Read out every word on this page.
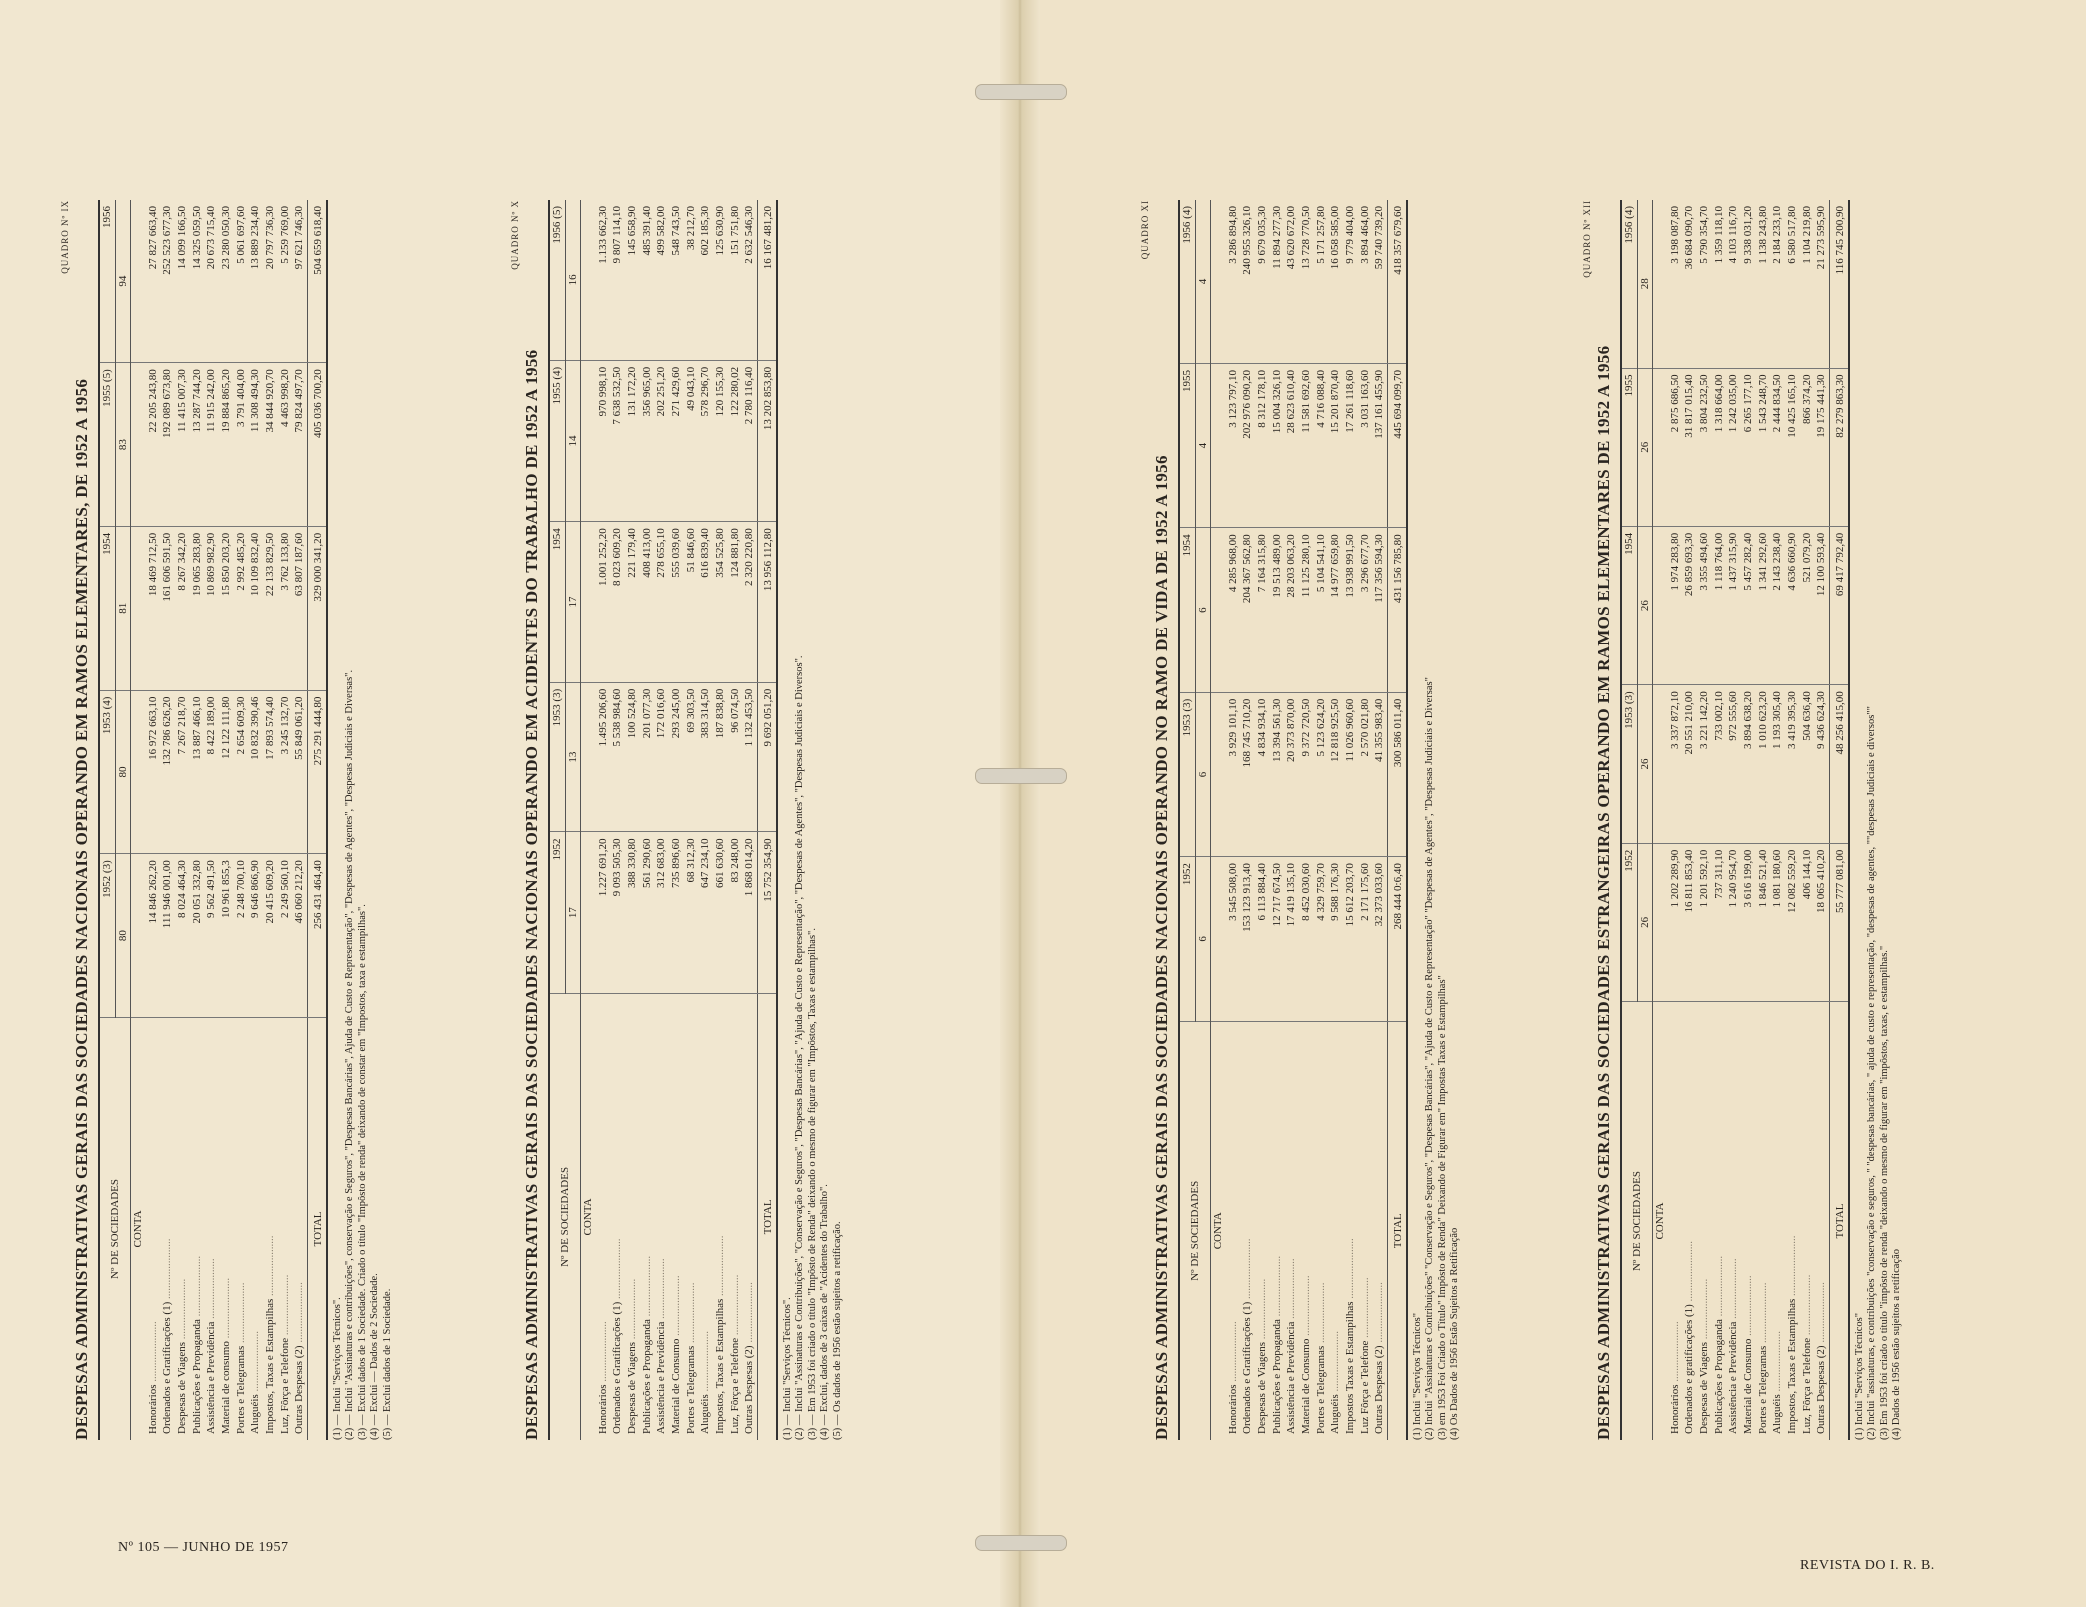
QUADRO Nº IX
DESPESAS ADMINISTRATIVAS GERAIS DAS SOCIEDADES NACIONAIS OPERANDO EM RAMOS ELEMENTARES, DE 1952 A 1956 Nº DE SOCIEDADES	1952 (3)	1953 (4)	1954	1955 (5)	1956
	80	80	81	83	94
CONTA					
Honorários .....	14 846 262,20	16 972 663,10	18 469 712,50	22 205 243,80	27 827 663,40
Ordenados e Gratificações (1) .....	111 946 001,00	132 786 626,20	161 606 591,50	192 089 673,80	252 523 677,30
Despesas de Viagens .....	8 024 464,30	7 267 218,70	8 267 342,20	11 415 007,30	14 099 166,50
Publicações e Propaganda .....	20 051 332,80	13 887 466,10	19 065 283,80	13 287 744,20	14 325 059,50
Assistência e Previdência .....	9 562 491,50	8 422 189,00	10 869 982,90	11 915 242,00	20 673 715,40
Material de consumo .....	10 961 855,3	12 122 111,80	15 850 203,20	19 884 865,20	23 280 050,30
Portes e Telegramas .....	2 248 700,10	2 654 609,30	2 992 485,20	3 791 404,00	5 061 697,60
Aluguéis .....	9 646 866,90	10 832 390,46	10 109 832,40	11 308 494,30	13 889 234,40
Impostos, Taxas e Estampilhas .....	20 415 609,20	17 893 574,40	22 133 829,50	34 844 920,70	20 797 736,30
Luz, Fôrça e Telefone .....	2 249 560,10	3 245 132,70	3 762 133,80	4 463 998,20	5 259 769,00
Outras Despesas (2) .....	46 060 212,20	55 849 061,20	63 807 187,60	79 824 497,70	97 621 746,30
TOTAL	256 431 464,40	275 291 444,80	329 000 341,20	405 036 700,20	504 659 618,40
(1) — Inclui "Serviços Técnicos". (2) — Inclui "Assinaturas e contribuições", conservação e Seguros", "Despesas Bancárias", Ajuda de Custo e Representação", "Despesas de Agentes", "Despesas Judiciais e Diversas". (3) — Exclui dados de 1 Sociedade. Criado o título "Impôsto de renda" deixando de constar em "Impostos, taxa e estampilhas". (4) — Exclui — Dados de 2 Sociedade. (5) — Exclui dados de 1 Sociedade.
QUADRO Nº X
DESPESAS ADMINISTRATIVAS GERAIS DAS SOCIEDADES NACIONAIS OPERANDO EM ACIDENTES DO TRABALHO DE 1952 A 1956 Nº DE SOCIEDADES	1952	1953 (3)	1954	1955 (4)	1956 (5)
	17	13	17	14	16
CONTA					
Honorários .....	1.227 691,20	1.495 206,60	1.001 252,20	970 998,10	1.133 662,30
Ordenados e Gratificações (1) .....	9 093 505,30	5 538 984,60	8 023 609,20	7 638 532,50	9 807 114,10
Despesas de Viagens .....	388 330,80	100 524,80	221 179,40	131 172,20	145 658,90
Publicações e Propaganda .....	561 290,60	201 077,30	408 413,00	356 965,00	485 391,40
Assistência e Previdência .....	312 683,00	172 016,60	278 655,10	202 251,20	499 582,00
Material de Consumo .....	735 896,60	293 245,00	555 039,60	271 429,60	548 743,50
Portes e Telegramas .....	68 312,30	69 303,50	51 846,60	49 043,10	38 212,70
Aluguéis .....	647 234,10	383 314,50	616 839,40	578 296,70	602 185,30
Impostos, Taxas e Estampilhas .....	661 630,60	187 838,80	354 525,80	120 155,30	125 630,90
Luz, Fôrça e Telefone .....	83 248,00	96 074,50	124 881,80	122 280,02	151 751,80
Outras Despesas (2) .....	1 868 014,20	1 132 453,50	2 320 220,80	2 780 116,40	2 632 546,30
TOTAL	15 752 354,90	9 692 051,20	13 956 112,80	13 202 853,80	16 167 481,20
(1) — Inclui "Serviços Técnicos". (2) — Inclui "Assinaturas e Contribuições", "Conservação e Seguros", "Despesas Bancárias", "Ajuda de Custo e Representação", "Despesas de Agentes", "Despesas Judiciais e Diversos". (3) — Em 1953 foi criado o título "Impôsto de Renda" deixando o mesmo de figurar em "Impôstos, Taxas e estampilhas". (4) — Exclui, dados de 3 caixas de "Acidentes do Trabalho". (5) — Os dados de 1956 estão sujeitos a retificação.
QUADRO XI
DESPESAS ADMINISTRATIVAS GERAIS DAS SOCIEDADES NACIONAIS OPERANDO NO RAMO DE VIDA DE 1952 A 1956 Nº DE SOCIEDADES	1952	1953 (3)	1954	1955	1956 (4)
	6	6	6	4	4
CONTA					
Honorários .....	3 545 508,00	3 929 101,10	4 285 968,00	3 123 797,10	3 286 894,80
Ordenados e Gratificações (1) .....	153 123 913,40	168 745 710,20	204 367 562,80	202 976 090,20	240 955 326,10
Despesas de Viagens .....	6 113 884,40	4 834 934,10	7 164 315,80	8 312 178,10	9 679 035,30
Publicações e Propaganda .....	12 717 674,50	13 394 561,30	19 513 489,00	15 004 326,10	11 894 277,30
Assistência e Previdência .....	17 419 135,10	20 373 870,00	28 203 063,20	28 623 610,40	43 620 672,00
Material de Consumo .....	8 452 030,60	9 372 720,50	11 125 280,10	11 581 692,60	13 728 770,50
Portes e Telegramas .....	4 329 759,70	5 123 624,20	5 104 541,10	4 716 088,40	5 171 257,80
Aluguéis .....	9 588 176,30	12 818 925,50	14 977 659,80	15 201 870,40	16 058 585,00
Impostos Taxas e Estampilhas .....	15 612 203,70	11 026 960,60	13 938 991,50	17 261 118,60	9 779 404,00
Luz Fôrça e Telefone .....	2 171 175,60	2 570 021,80	3 296 677,70	3 031 163,60	3 894 464,00
Outras Despesas (2) .....	32 373 033,60	41 355 983,40	117 356 594,30	137 161 455,90	59 740 739,20
TOTAL	268 444 0:6,40	300 586 011,40	431 156 785,80	445 694 099,70	418 357 679,60
(1) Inclui "Serviços Técnicos" (2) Inclui "Assinaturas e Contribuições" "Conservação e Seguros", "Despesas Bancárias", "Ajuda de Custo e Representação" "Despesas de Agentes", "Despesas Judiciais e Diversas" (3) em 1953 Foi Criado o Título" Impôsto de Renda" Deixando de Figurar em" Impostas Taxas e Estampilhas" (4) Os Dados de 1956 Estão Sujeitos a Retificação
QUADRO Nº XII
DESPESAS ADMINISTRATIVAS GERAIS DAS SOCIEDADES ESTRANGEIRAS OPERANDO EM RAMOS ELEMENTARES DE 1952 A 1956 Nº DE SOCIEDADES	1952	1953 (3)	1954	1955	1956 (4)
	26	26	26	26	28
CONTA					
Honorários .....	1 202 289,90	3 337 872,10	1 974 283,80	2 875 686,50	3 198 087,80
Ordenados e gratificações (1) .....	16 811 853,40	20 551 210,00	26 859 693,30	31 817 015,40	36 684 090,70
Despesas de Viagens .....	1 201 592,10	3 221 142,20	3 355 494,60	3 804 232,50	5 790 354,70
Publicações e Propaganda .....	737 311,10	733 002,10	1 118 764,00	1 318 664,00	1 359 118,10
Assistência e Previdência .....	1 240 954,70	972 555,60	1 437 315,90	1 242 035,00	4 103 116,70
Material de Consumo .....	3 616 199,00	3 894 638,20	5 457 282,40	6 265 177,10	9 338 031,20
Portes e Telegramas .....	1 846 521,40	1 010 623,20	1 341 292,60	1 543 248,70	1 138 243,80
Aluguéis .....	1 081 180,60	1 193 305,40	2 143 238,40	2 444 834,50	2 184 233,10
Impostos, Taxas e Estampilhas .....	12 082 559,20	3 419 395,30	4 636 660,90	10 425 165,10	6 580 517,80
Luz, Fôrça e Telefone .....	406 144,10	504 636,40	521 079,20	866 374,20	1 104 219,80
Outras Despesas (2) .....	18 065 410,20	9 436 624,30	12 100 593,40	19 175 441,30	21 273 595,90
TOTAL	55 777 081,00	48 256 415,00	69 417 792,40	82 279 863,30	116 745 200,90
(1) Inclui "Serviços Técnicos" (2) Inclui "assinaturas, e contribuições "conservação e seguros, " "despesas bancárias, " ajuda de custo e representação, "despesas de agentes, ""despesas Judiciais e diversos"" (3) Em 1953 foi criado o título "impôsto de renda "deixando o mesmo de figurar em "impôstos, taxas, e estampilhas." (4) Dados de 1956 estão sujeitos a retificação
Nº 105 — JUNHO DE 1957
REVISTA DO I. R. B.
